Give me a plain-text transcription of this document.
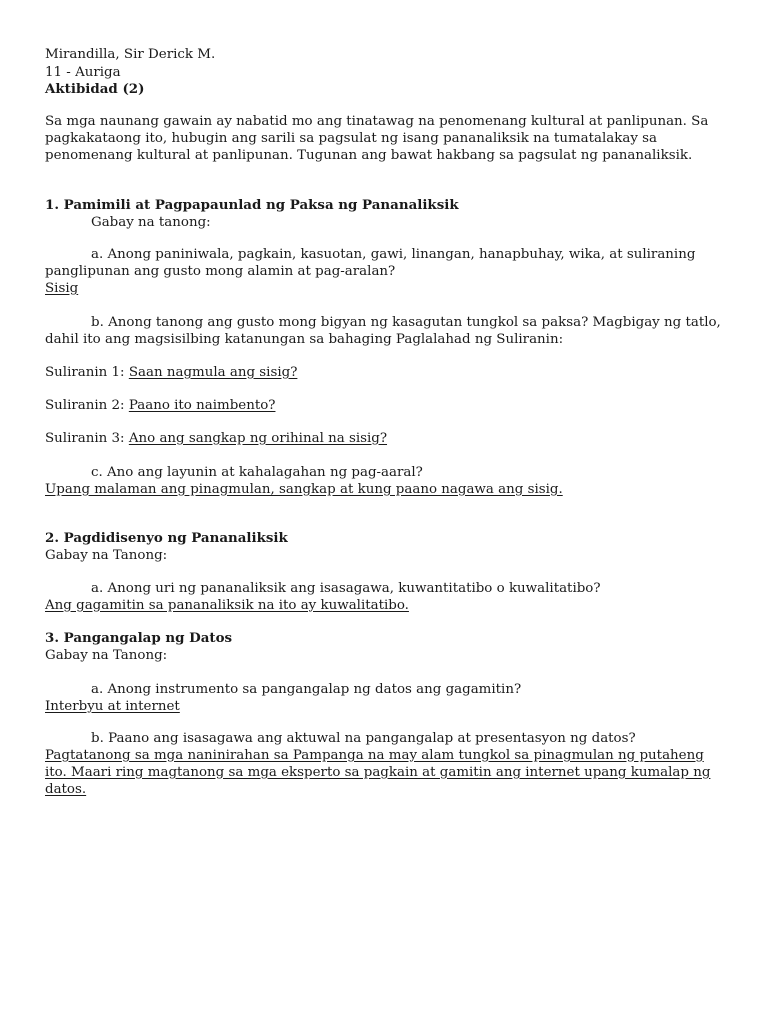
Mirandilla, Sir Derick M.
11 - Auriga
Aktibidad (2)
Sa mga naunang gawain ay nabatid mo ang tinatawag na penomenang kultural at panlipunan. Sa
pagkakataong ito, hubugin ang sarili sa pagsulat ng isang pananaliksik na tumatalakay sa
penomenang kultural at panlipunan. Tugunan ang bawat hakbang sa pagsulat ng pananaliksik.
1. Pamimili at Pagpapaunlad ng Paksa ng Pananaliksik
Gabay na tanong:
a. Anong paniniwala, pagkain, kasuotan, gawi, linangan, hanapbuhay, wika, at suliraning
panglipunan ang gusto mong alamin at pag-aralan?
Sisig
b. Anong tanong ang gusto mong bigyan ng kasagutan tungkol sa paksa? Magbigay ng tatlo,
dahil ito ang magsisilbing katanungan sa bahaging Paglalahad ng Suliranin:
Suliranin 1: Saan nagmula ang sisig?
Suliranin 2: Paano ito naimbento?
Suliranin 3: Ano ang sangkap ng orihinal na sisig?
c. Ano ang layunin at kahalagahan ng pag-aaral?
Upang malaman ang pinagmulan, sangkap at kung paano nagawa ang sisig.
2. Pagdidisenyo ng Pananaliksik
Gabay na Tanong:
a. Anong uri ng pananaliksik ang isasagawa, kuwantitatibo o kuwalitatibo?
Ang gagamitin sa pananaliksik na ito ay kuwalitatibo.
3. Pangangalap ng Datos
Gabay na Tanong:
a. Anong instrumento sa pangangalap ng datos ang gagamitin?
Interbyu at internet
b. Paano ang isasagawa ang aktuwal na pangangalap at presentasyon ng datos?
Pagtatanong sa mga naninirahan sa Pampanga na may alam tungkol sa pinagmulan ng putaheng
ito. Maari ring magtanong sa mga eksperto sa pagkain at gamitin ang internet upang kumalap ng
datos.
